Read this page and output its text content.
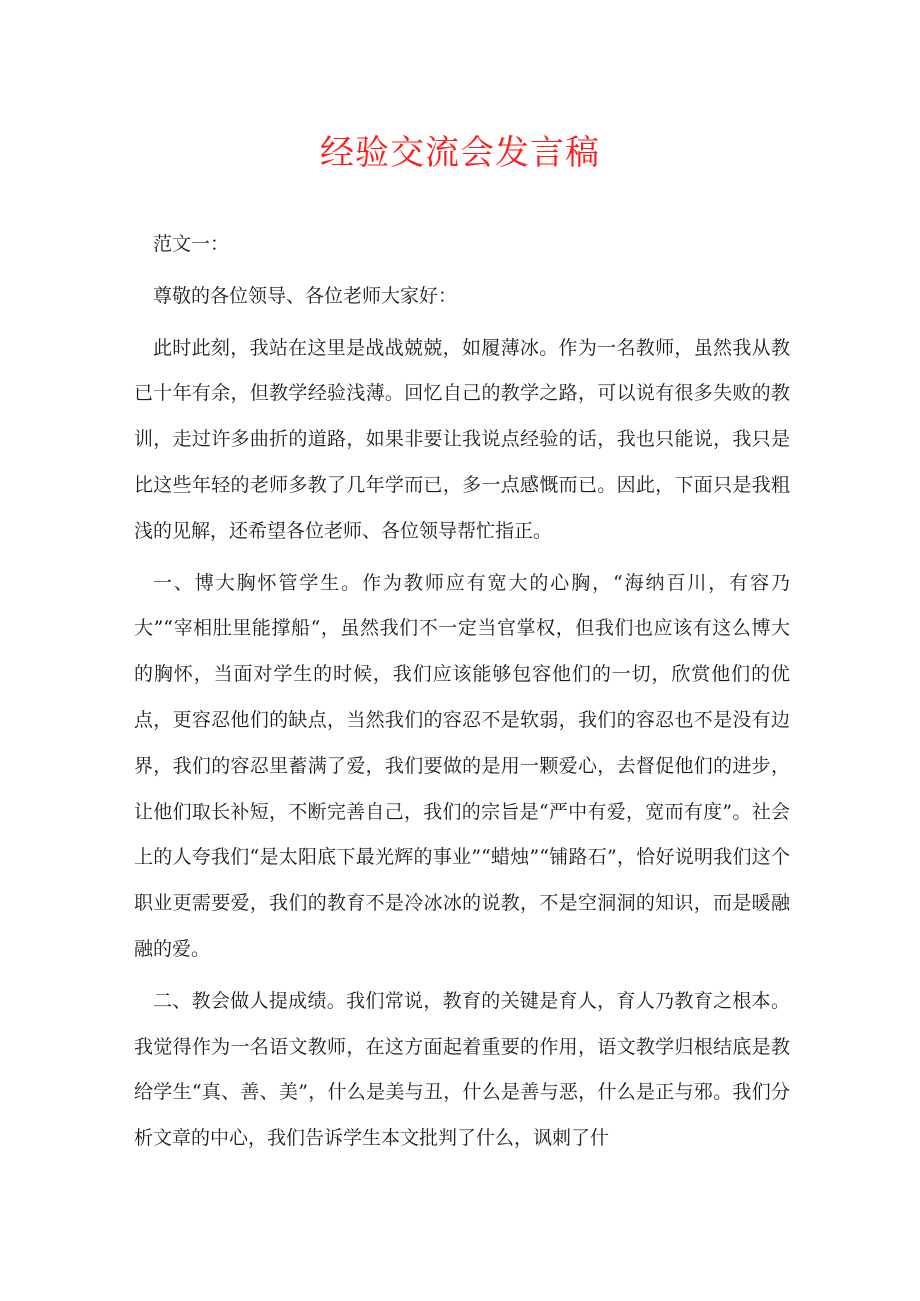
经验交流会发言稿

范文一：

尊敬的各位领导、各位老师大家好：

此时此刻，我站在这里是战战兢兢，如履薄冰。作为一名教师，虽然我从教已十年有余，但教学经验浅薄。回忆自己的教学之路，可以说有很多失败的教训，走过许多曲折的道路，如果非要让我说点经验的话，我也只能说，我只是比这些年轻的老师多教了几年学而已，多一点感慨而已。因此，下面只是我粗浅的见解，还希望各位老师、各位领导帮忙指正。

一、博大胸怀管学生。作为教师应有宽大的心胸，“海纳百川，有容乃大”“宰相肚里能撑船“，虽然我们不一定当官掌权，但我们也应该有这么博大的胸怀，当面对学生的时候，我们应该能够包容他们的一切，欣赏他们的优点，更容忍他们的缺点，当然我们的容忍不是软弱，我们的容忍也不是没有边界，我们的容忍里蓄满了爱，我们要做的是用一颗爱心，去督促他们的进步，让他们取长补短，不断完善自己，我们的宗旨是“严中有爱，宽而有度”。社会上的人夸我们“是太阳底下最光辉的事业”“蜡烛”“铺路石”，恰好说明我们这个职业更需要爱，我们的教育不是冷冰冰的说教，不是空洞洞的知识，而是暖融融的爱。

二、教会做人提成绩。我们常说，教育的关键是育人，育人乃教育之根本。我觉得作为一名语文教师，在这方面起着重要的作用，语文教学归根结底是教给学生“真、善、美”，什么是美与丑，什么是善与恶，什么是正与邪。我们分析文章的中心，我们告诉学生本文批判了什么，讽刺了什
